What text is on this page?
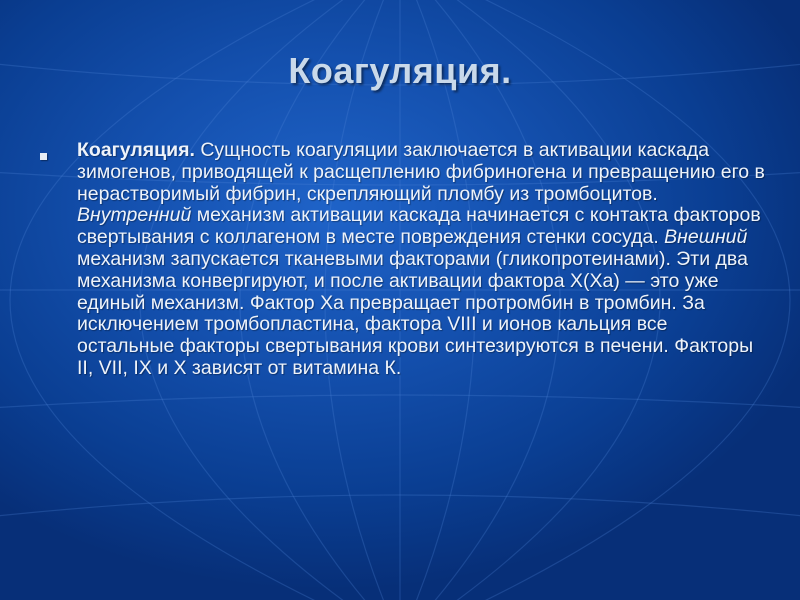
Коагуляция.

Коагуляция. Сущность коагуляции заключается в активации каскада зимогенов, приводящей к расщеплению фибриногена и превращению его в нерастворимый фибрин, скрепляющий пломбу из тромбоцитов. Внутренний механизм активации каскада начинается с контакта факторов свертывания с коллагеном в месте повреждения стенки сосуда. Внешний механизм запускается тканевыми факторами (гликопротеинами). Эти два механизма конвергируют, и после активации фактора X(Xa) — это уже единый механизм. Фактор Xa превращает протромбин в тромбин. За исключением тромбопластина, фактора VIII и ионов кальция все остальные факторы свертывания крови синтезируются в печени. Факторы II, VII, IX и X зависят от витамина К.
